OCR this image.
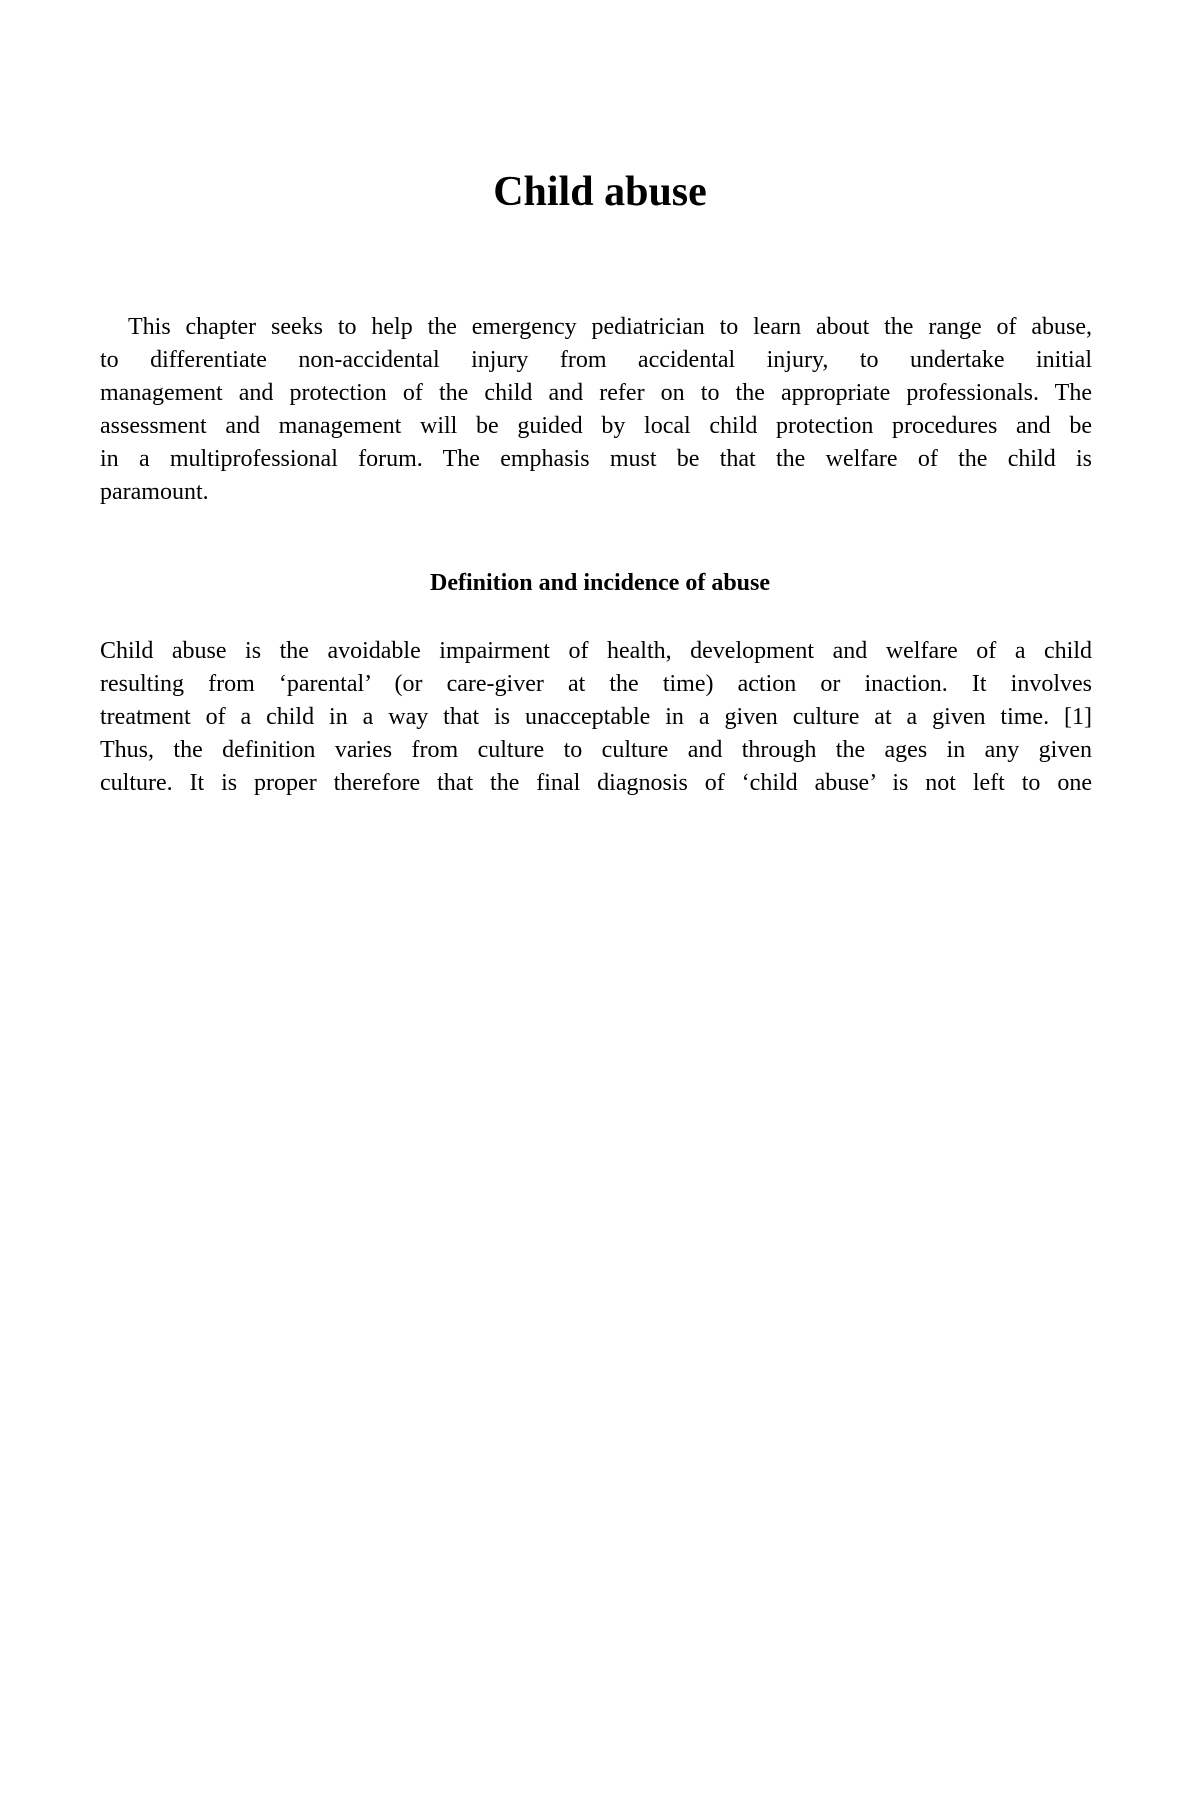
Child abuse
This chapter seeks to help the emergency pediatrician to learn about the range of abuse,
to differentiate non-accidental injury from accidental injury, to undertake initial
management and protection of the child and refer on to the appropriate professionals. The
assessment and management will be guided by local child protection procedures and be
in a multiprofessional forum. The emphasis must be that the welfare of the child is
paramount.
Definition and incidence of abuse
Child abuse is the avoidable impairment of health, development and welfare of a child
resulting from ‘parental’ (or care-giver at the time) action or inaction. It involves
treatment of a child in a way that is unacceptable in a given culture at a given time. [1]
Thus, the definition varies from culture to culture and through the ages in any given
culture. It is proper therefore that the final diagnosis of ‘child abuse’ is not left to one
